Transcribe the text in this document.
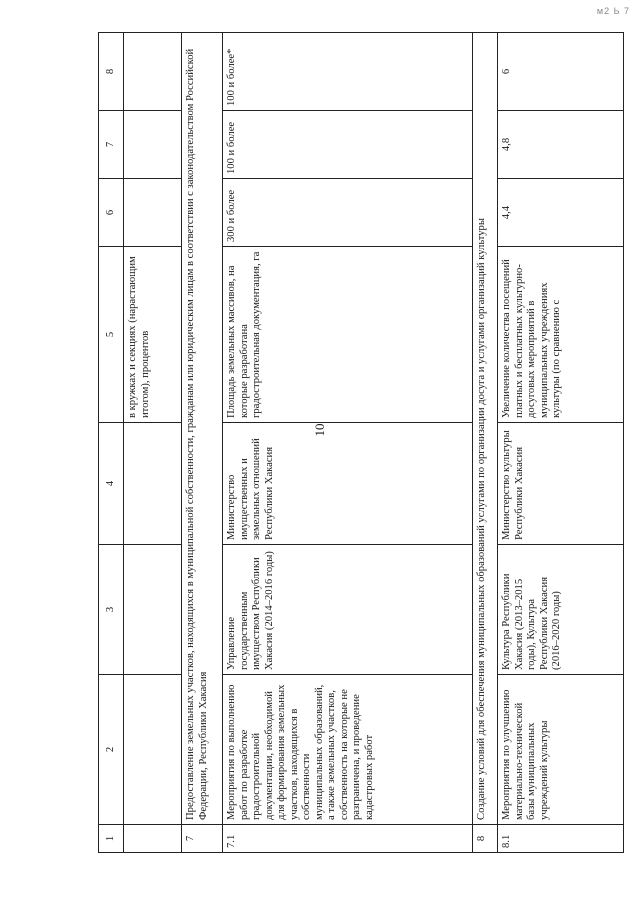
м2 Ь 7
10
1	2	3	4	5	6	7	8
				в кружках и секциях (нарастающим итогом), процентов			
7	Предоставление земельных участков, находящихся в муниципальной собственности, гражданам или юридическим лицам в соответствии с законодательством Российской Федерации, Республики Хакасия						
7.1	Мероприятия по выполнению работ по разработке градостроительной документации, необходимой для формирования земельных участков, находящихся в собственности муниципальных образований, а также земельных участков, собственность на которые не разграничена, и проведение кадастровых работ	Управление государственным имуществом Республики Хакасия (2014–2016 годы)	Министерство имущественных и земельных отношений Республики Хакасия	Площадь земельных массивов, на которые разработана градостроительная документация, га	300 и более	100 и более	100 и более*
8	Создание условий для обеспечения муниципальных образований услугами по организации досуга и услугами организаций культуры						
8.1	Мероприятия по улучшению материально-технической базы муниципальных учреждений культуры	Культура Республики Хакасия (2013–2015 годы), Культура Республики Хакасия (2016–2020 годы)	Министерство культуры Республики Хакасия	Увеличение количества посещений платных и бесплатных культурно-досуговых мероприятий в муниципальных учреждениях культуры (по сравнению с	4,4	4,8	6
